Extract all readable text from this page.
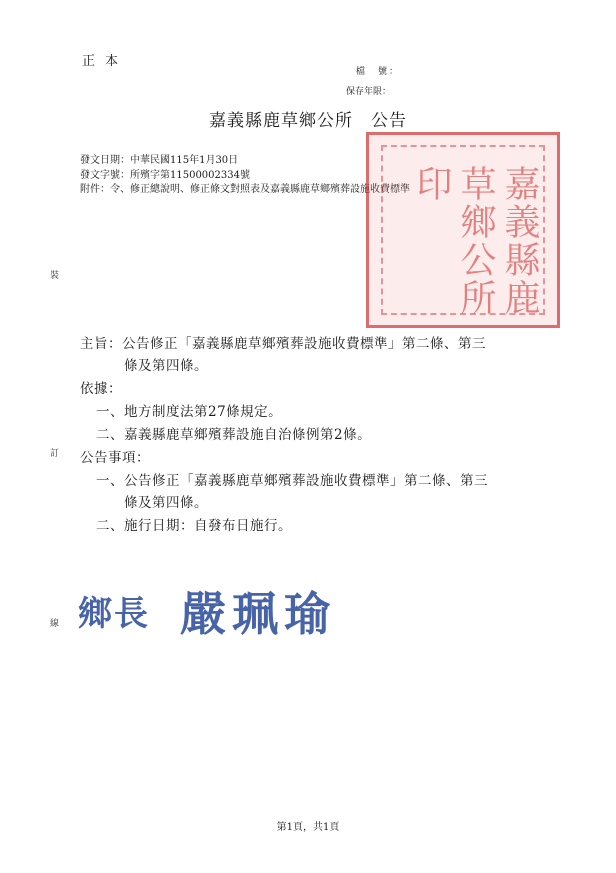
正本
檔　號：
保存年限：
嘉義縣鹿草鄉公所　公告
發文日期：中華民國115年1月30日
發文字號：所殯字第11500002334號
附件：令、修正總說明、修正條文對照表及嘉義縣鹿草鄉殯葬設施收費標準	嘉義縣鹿草鄉公所印
裝
訂
線
主旨：公告修正「嘉義縣鹿草鄉殯葬設施收費標準」第二條、第三
條及第四條。
依據：
一、地方制度法第27條規定。
二、嘉義縣鹿草鄉殯葬設施自治條例第2條。
公告事項：
一、公告修正「嘉義縣鹿草鄉殯葬設施收費標準」第二條、第三
條及第四條。
二、施行日期：自發布日施行。
鄉長 嚴珮瑜
第1頁，共1頁
